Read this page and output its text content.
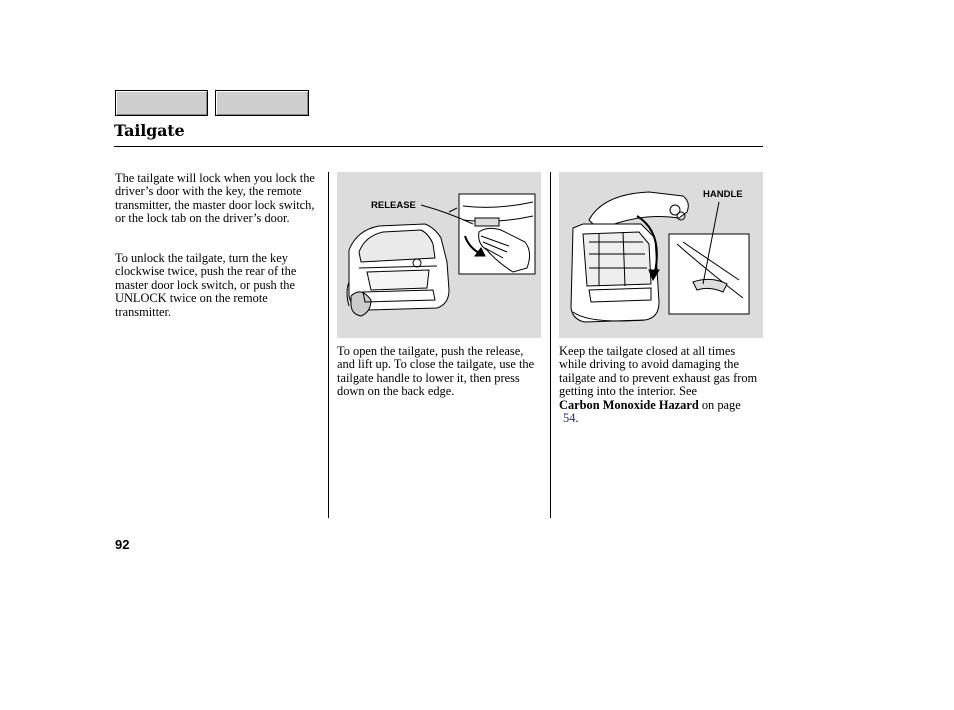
Tailgate

The tailgate will lock when you lock the driver’s door with the key, the remote transmitter, the master door lock switch, or the lock tab on the driver’s door.

To unlock the tailgate, turn the key clockwise twice, push the rear of the master door lock switch, or push the UNLOCK twice on the remote transmitter.

RELEASE
HANDLE

To open the tailgate, push the release, and lift up. To close the tailgate, use the tailgate handle to lower it, then press down on the back edge.

Keep the tailgate closed at all times while driving to avoid damaging the tailgate and to prevent exhaust gas from getting into the interior. See
Carbon Monoxide Hazard on page
54.

92
